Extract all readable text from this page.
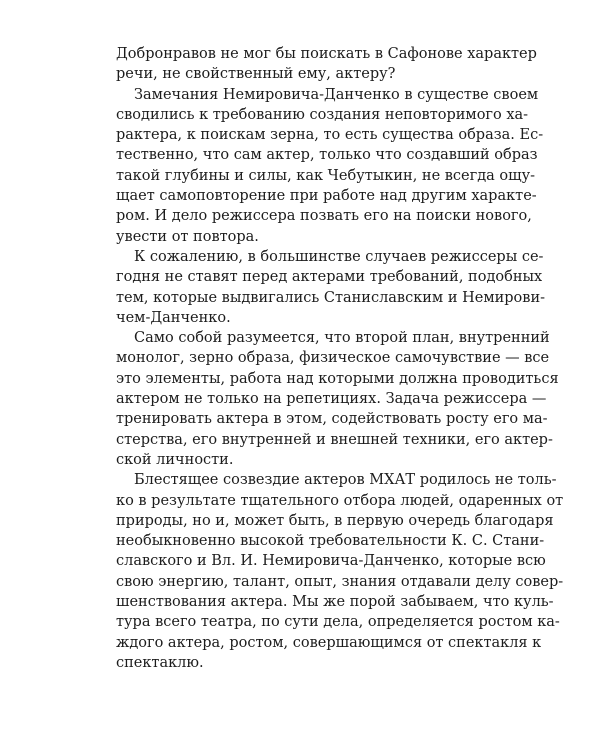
Добронравов не мог бы поискать в Сафонове характер
речи, не свойственный ему, актеру?
Замечания Немировича-Данченко в существе своем
сводились к требованию создания неповторимого ха-
рактера, к поискам зерна, то есть существа образа. Ес-
тественно, что сам актер, только что создавший образ
такой глубины и силы, как Чебутыкин, не всегда ощу-
щает самоповторение при работе над другим характе-
ром. И дело режиссера позвать его на поиски нового,
увести от повтора.
К сожалению, в большинстве случаев режиссеры се-
годня не ставят перед актерами требований, подобных
тем, которые выдвигались Станиславским и Немирови-
чем-Данченко.
Само собой разумеется, что второй план, внутренний
монолог, зерно образа, физическое самочувствие — все
это элементы, работа над которыми должна проводиться
актером не только на репетициях. Задача режиссера —
тренировать актера в этом, содействовать росту его ма-
стерства, его внутренней и внешней техники, его актер-
ской личности.
Блестящее созвездие актеров МХАТ родилось не толь-
ко в результате тщательного отбора людей, одаренных от
природы, но и, может быть, в первую очередь благодаря
необыкновенно высокой требовательности К. С. Стани-
славского и Вл. И. Немировича-Данченко, которые всю
свою энергию, талант, опыт, знания отдавали делу совер-
шенствования актера. Мы же порой забываем, что куль-
тура всего театра, по сути дела, определяется ростом ка-
ждого актера, ростом, совершающимся от спектакля к
спектаклю.
